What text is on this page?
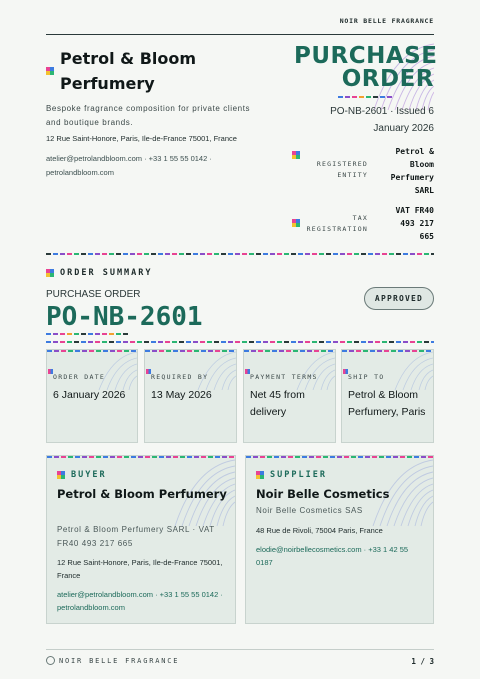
NOIR BELLE FRAGRANCE
Petrol & Bloom Perfumery
Bespoke fragrance composition for private clients and boutique brands.
12 Rue Saint-Honore, Paris, Ile-de-France 75001, France
atelier@petrolandbloom.com · +33 1 55 55 0142 · petrolandbloom.com
PURCHASE ORDER
PO-NB-2601 · Issued 6
January 2026
REGISTERED ENTITY
Petrol & Bloom Perfumery SARL
TAX REGISTRATION
VAT FR40 493 217 665
ORDER SUMMARY
PURCHASE ORDER
PO-NB-2601
APPROVED
ORDER DATE
6 January 2026
REQUIRED BY
13 May 2026
PAYMENT TERMS
Net 45 from delivery
SHIP TO
Petrol & Bloom Perfumery, Paris
BUYER
Petrol & Bloom Perfumery
Petrol & Bloom Perfumery SARL · VAT FR40 493 217 665
12 Rue Saint-Honore, Paris, Ile-de-France 75001, France
atelier@petrolandbloom.com · +33 1 55 55 0142 · petrolandbloom.com
SUPPLIER
Noir Belle Cosmetics
Noir Belle Cosmetics SAS
48 Rue de Rivoli, 75004 Paris, France
elodie@noirbellecosmetics.com · +33 1 42 55 0187
NOIR BELLE FRAGRANCE	1 / 3
